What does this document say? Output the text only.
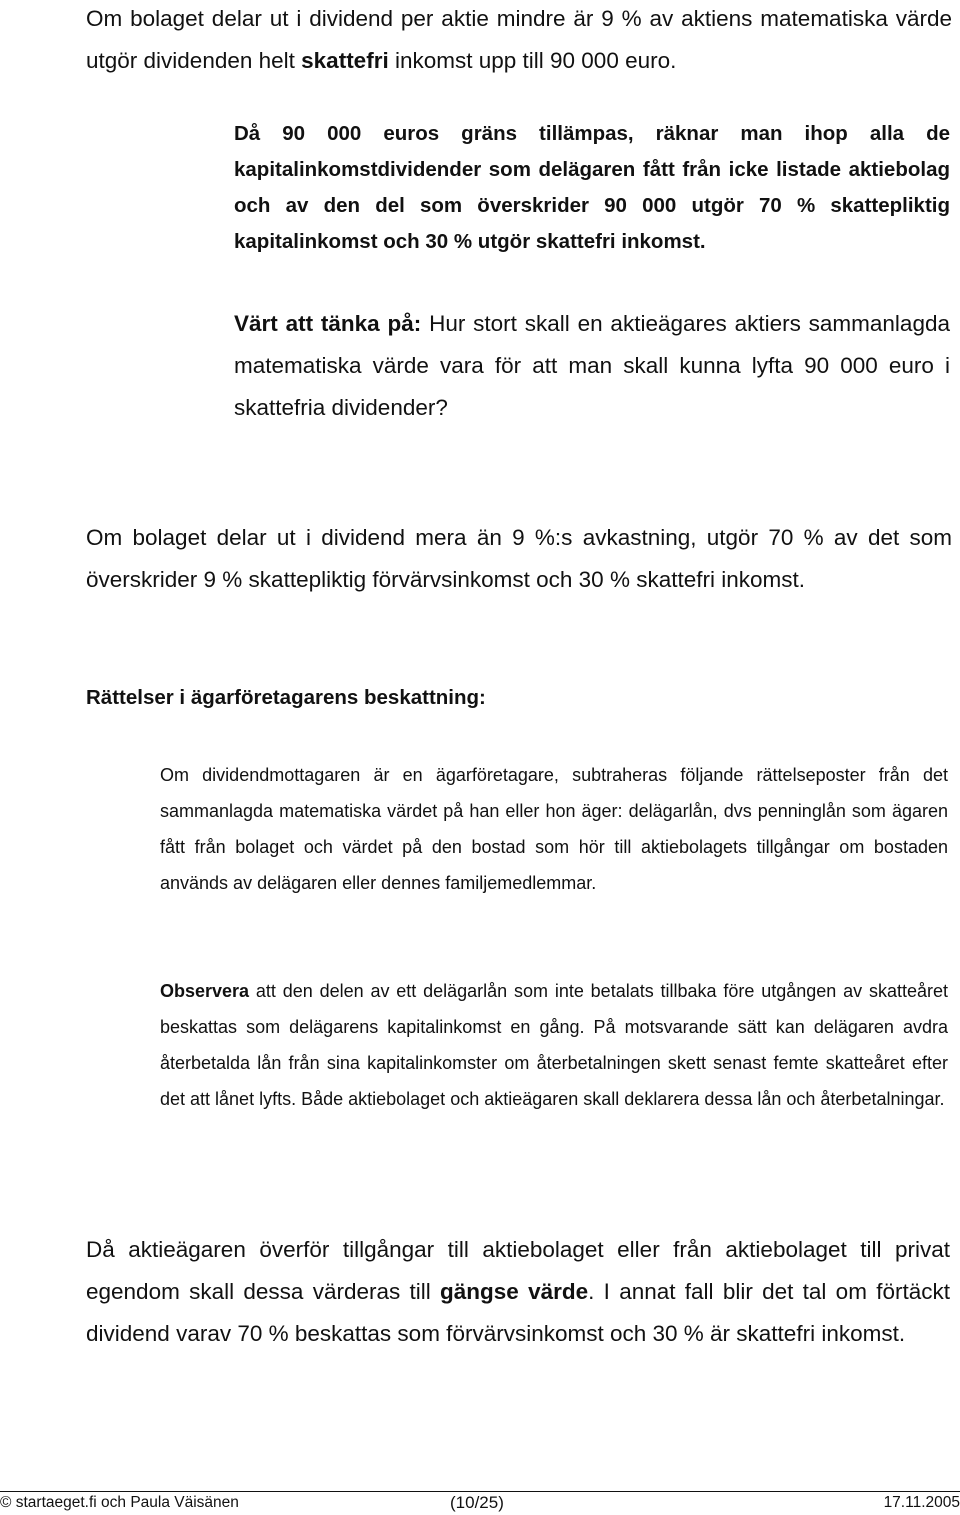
Om bolaget delar ut i dividend per aktie mindre är 9 % av aktiens matematiska värde utgör dividenden helt skattefri inkomst upp till 90 000 euro.

Då 90 000 euros gräns tillämpas, räknar man ihop alla de kapitalinkomstdividender som delägaren fått från icke listade aktiebolag och av den del som överskrider 90 000 utgör 70 % skattepliktig kapitalinkomst och 30 % utgör skattefri inkomst.

Värt att tänka på: Hur stort skall en aktieägares aktiers sammanlagda matematiska värde vara för att man skall kunna lyfta 90 000 euro i skattefria dividender?

Om bolaget delar ut i dividend mera än 9 %:s avkastning, utgör 70 % av det som överskrider 9 % skattepliktig förvärvsinkomst och 30 % skattefri inkomst.

Rättelser i ägarföretagarens beskattning:

Om dividendmottagaren är en ägarföretagare, subtraheras följande rättelseposter från det sammanlagda matematiska värdet på han eller hon äger: delägarlån, dvs penninglån som ägaren fått från bolaget och värdet på den bostad som hör till aktiebolagets tillgångar om bostaden används av delägaren eller dennes familjemedlemmar.

Observera att den delen av ett delägarlån som inte betalats tillbaka före utgången av skatteåret beskattas som delägarens kapitalinkomst en gång. På motsvarande sätt kan delägaren avdra återbetalda lån från sina kapitalinkomster om återbetalningen skett senast femte skatteåret efter det att lånet lyfts. Både aktiebolaget och aktieägaren skall deklarera dessa lån och återbetalningar.

Då aktieägaren överför tillgångar till aktiebolaget eller från aktiebolaget till privat egendom skall dessa värderas till gängse värde. I annat fall blir det tal om förtäckt dividend varav 70 % beskattas som förvärvsinkomst och 30 % är skattefri inkomst.

© startaeget.fi och Paula Väisänen	(10/25)	17.11.2005
